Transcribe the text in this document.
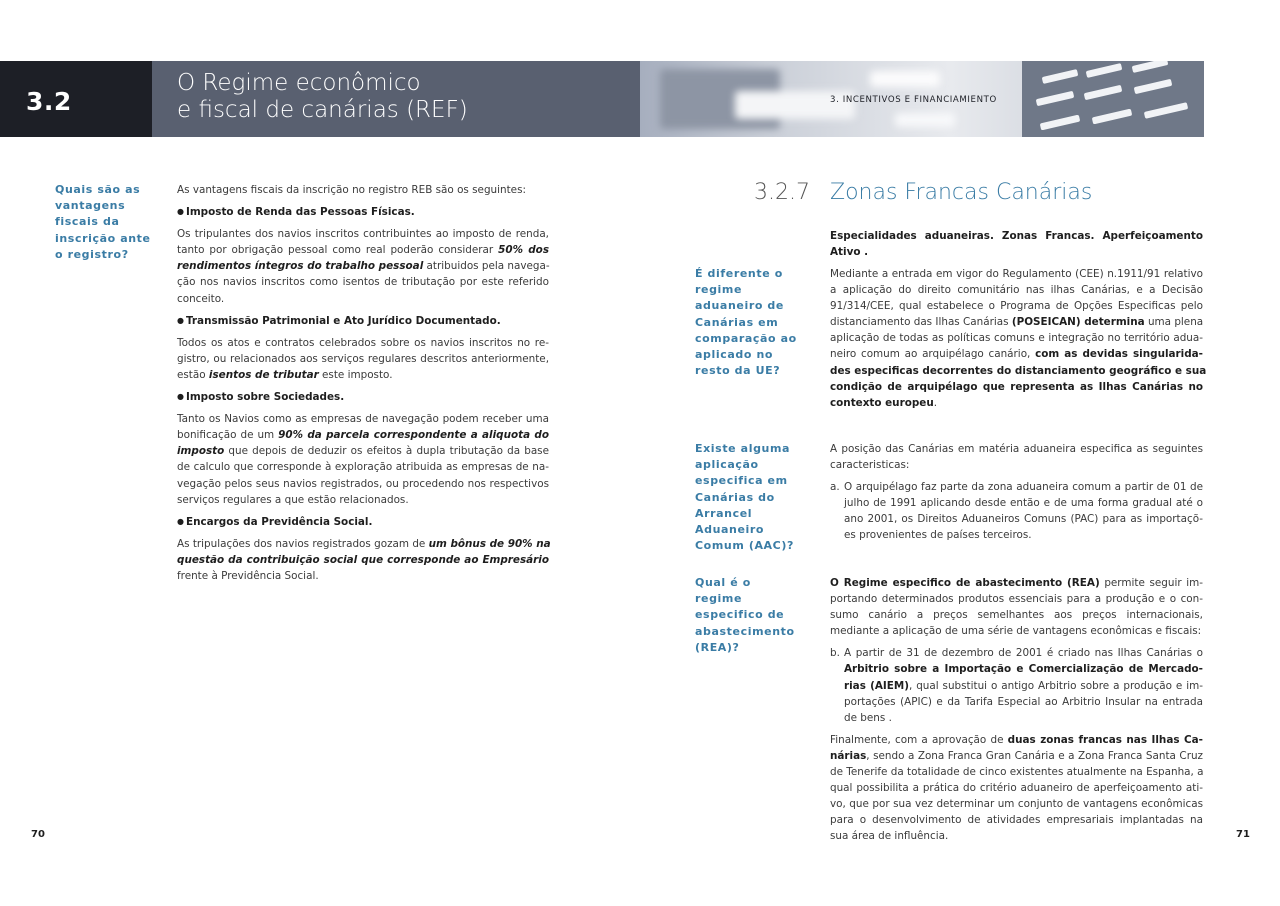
3.2
O Regime econômico
e fiscal de canárias (REF)	3. INCENTIVOS E FINANCIAMIENTO
Quais são as
vantagens
fiscais da
inscrição ante
o registro?

As vantagens fiscais da inscrição no registro REB são os seguintes:

● Imposto de Renda das Pessoas Físicas.

Os tripulantes dos navios inscritos contribuintes ao imposto de renda,
tanto por obrigação pessoal como real poderão considerar 50% dos
rendimentos íntegros do trabalho pessoal atribuidos pela navega-
ção nos navios inscritos como isentos de tributação por este referido
conceito.

● Transmissão Patrimonial e Ato Jurídico Documentado.

Todos os atos e contratos celebrados sobre os navios inscritos no re-
gistro, ou relacionados aos serviços regulares descritos anteriormente,
estão isentos de tributar este imposto.

● Imposto sobre Sociedades.

Tanto os Navios como as empresas de navegação podem receber uma
bonificação de um 90% da parcela correspondente a aliquota do
imposto que depois de deduzir os efeitos à dupla tributação da base
de calculo que corresponde à exploração atribuida as empresas de na-
vegação pelos seus navios registrados, ou procedendo nos respectivos
serviços regulares a que estão relacionados.

● Encargos da Previdência Social.

As tripulações dos navios registrados gozam de um bônus de 90% na
questão da contribuição social que corresponde ao Empresário
frente à Previdência Social.

3.2.7 Zonas Francas Canárias

Especialidades aduaneiras. Zonas Francas. Aperfeiçoamento
Ativo .

É diferente o
regime
aduaneiro de
Canárias em
comparação ao
aplicado no
resto da UE?

Mediante a entrada em vigor do Regulamento (CEE) n.1911/91 relativo
a aplicação do direito comunitário nas ilhas Canárias, e a Decisão
91/314/CEE, qual estabelece o Programa de Opções Especificas pelo
distanciamento das Ilhas Canárias (POSEICAN) determina uma plena
aplicação de todas as políticas comuns e integração no território adua-
neiro comum ao arquipélago canário, com as devidas singularida-
des especificas decorrentes do distanciamento geográfico e sua
condição de arquipélago que representa as Ilhas Canárias no
contexto europeu.

Existe alguma
aplicação
especifica em
Canárias do
Arrancel
Aduaneiro
Comum (AAC)?

A posição das Canárias em matéria aduaneira especifica as seguintes
caracteristicas:

a. O arquipélago faz parte da zona aduaneira comum a partir de 01 de
julho de 1991 aplicando desde então e de uma forma gradual até o
ano 2001, os Direitos Aduaneiros Comuns (PAC) para as importaçõ-
es provenientes de países terceiros.
Qual é o
regime
especifico de
abastecimento
(REA)?

O Regime especifico de abastecimento (REA) permite seguir im-
portando determinados produtos essenciais para a produção e o con-
sumo canário a preços semelhantes aos preços internacionais,
mediante a aplicação de uma série de vantagens econômicas e fiscais:

b. A partir de 31 de dezembro de 2001 é criado nas Ilhas Canárias o
Arbitrio sobre a Importação e Comercialização de Mercado-
rias (AIEM), qual substitui o antigo Arbitrio sobre a produção e im-
portações (APIC) e da Tarifa Especial ao Arbitrio Insular na entrada
de bens .

Finalmente, com a aprovação de duas zonas francas nas Ilhas Ca-
nárias, sendo a Zona Franca Gran Canária e a Zona Franca Santa Cruz
de Tenerife da totalidade de cinco existentes atualmente na Espanha, a
qual possibilita a prática do critério aduaneiro de aperfeiçoamento ati-
vo, que por sua vez determinar um conjunto de vantagens econômicas
para o desenvolvimento de atividades empresariais implantadas na
sua área de influência.

70	71
